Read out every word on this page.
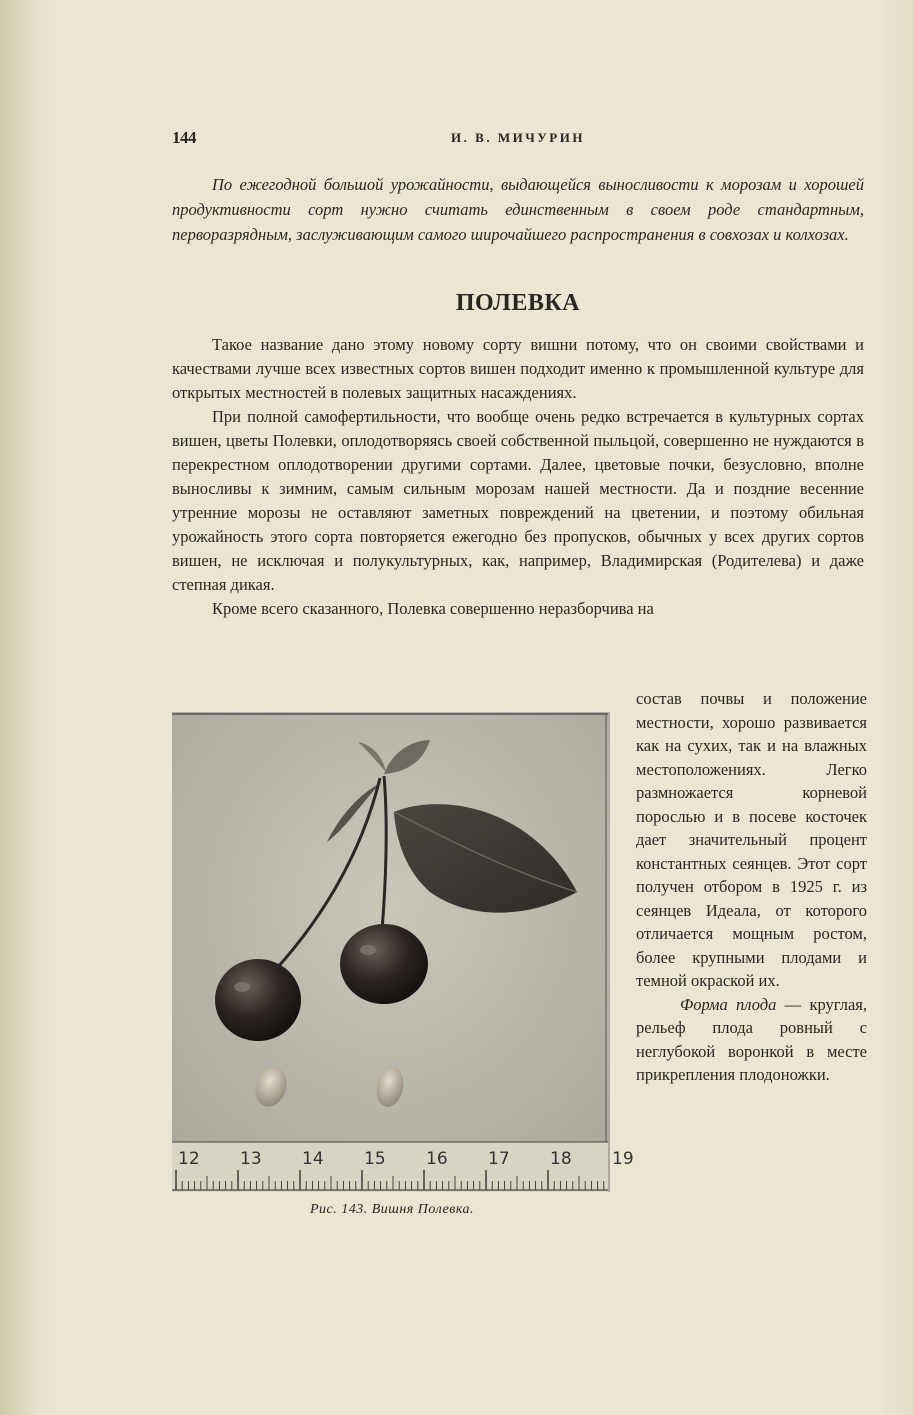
144	И. В. МИЧУРИН

По ежегодной большой урожайности, выдающейся выносливости к морозам и хорошей продуктивности сорт нужно считать единственным в своем роде стандартным, перворазрядным, заслуживающим самого широчайшего распространения в совхозах и колхозах.

ПОЛЕВКА

Такое название дано этому новому сорту вишни потому, что он своими свойствами и качествами лучше всех известных сортов вишен подходит именно к промышленной культуре для открытых местностей в полевых защитных насаждениях.

При полной самофертильности, что вообще очень редко встречается в культурных сортах вишен, цветы Полевки, оплодотворяясь своей собственной пыльцой, совершенно не нуждаются в перекрестном оплодотворении другими сортами. Далее, цветовые почки, безусловно, вполне выносливы к зимним, самым сильным морозам нашей местности. Да и поздние весенние утренние морозы не оставляют заметных повреждений на цветении, и поэтому обильная урожайность этого сорта повторяется ежегодно без пропусков, обычных у всех других сортов вишен, не исключая и полукультурных, как, например, Владимирская (Родителева) и даже степная дикая.

Кроме всего сказанного, Полевка совершенно неразборчива на

12 13 14 15 16 17 18 19
Рис. 143. Вишня Полевка.

состав почвы и положение местности, хорошо развивается как на сухих, так и на влажных местоположениях. Легко размножается корневой порослью и в посеве косточек дает значительный процент константных сеянцев. Этот сорт получен отбором в 1925 г. из сеянцев Идеала, от которого отличается мощным ростом, более крупными плодами и темной окраской их.

Форма плода — круглая, рельеф плода ровный с неглубокой воронкой в месте прикрепления плодоножки.
